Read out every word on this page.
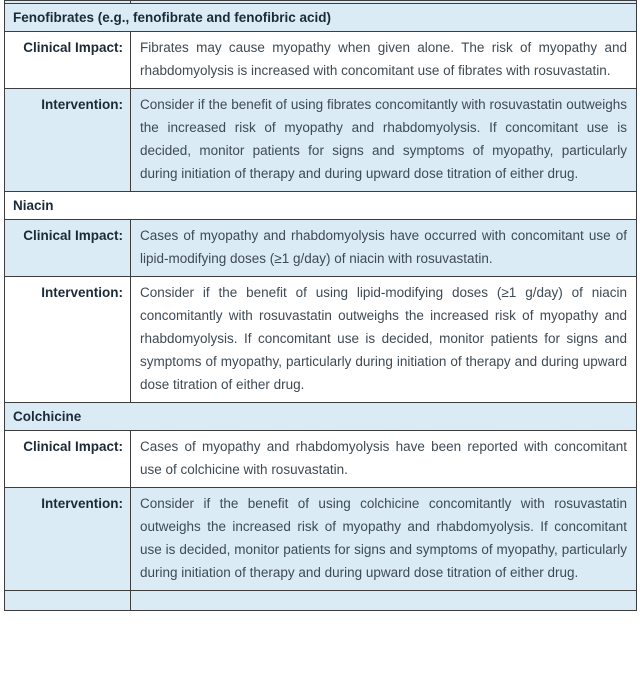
Fenofibrates (e.g., fenofibrate and fenofibric acid)	
Clinical Impact:	Fibrates may cause myopathy when given alone. The risk of myopathy and rhabdomyolysis is increased with concomitant use of fibrates with rosuvastatin.
Intervention:	Consider if the benefit of using fibrates concomitantly with rosuvastatin outweighs the increased risk of myopathy and rhabdomyolysis. If concomitant use is decided, monitor patients for signs and symptoms of myopathy, particularly during initiation of therapy and during upward dose titration of either drug.
Niacin	
Clinical Impact:	Cases of myopathy and rhabdomyolysis have occurred with concomitant use of lipid-modifying doses (≥1 g/day) of niacin with rosuvastatin.
Intervention:	Consider if the benefit of using lipid-modifying doses (≥1 g/day) of niacin concomitantly with rosuvastatin outweighs the increased risk of myopathy and rhabdomyolysis. If concomitant use is decided, monitor patients for signs and symptoms of myopathy, particularly during initiation of therapy and during upward dose titration of either drug.
Colchicine	
Clinical Impact:	Cases of myopathy and rhabdomyolysis have been reported with concomitant use of colchicine with rosuvastatin.
Intervention:	Consider if the benefit of using colchicine concomitantly with rosuvastatin outweighs the increased risk of myopathy and rhabdomyolysis. If concomitant use is decided, monitor patients for signs and symptoms of myopathy, particularly during initiation of therapy and during upward dose titration of either drug.
